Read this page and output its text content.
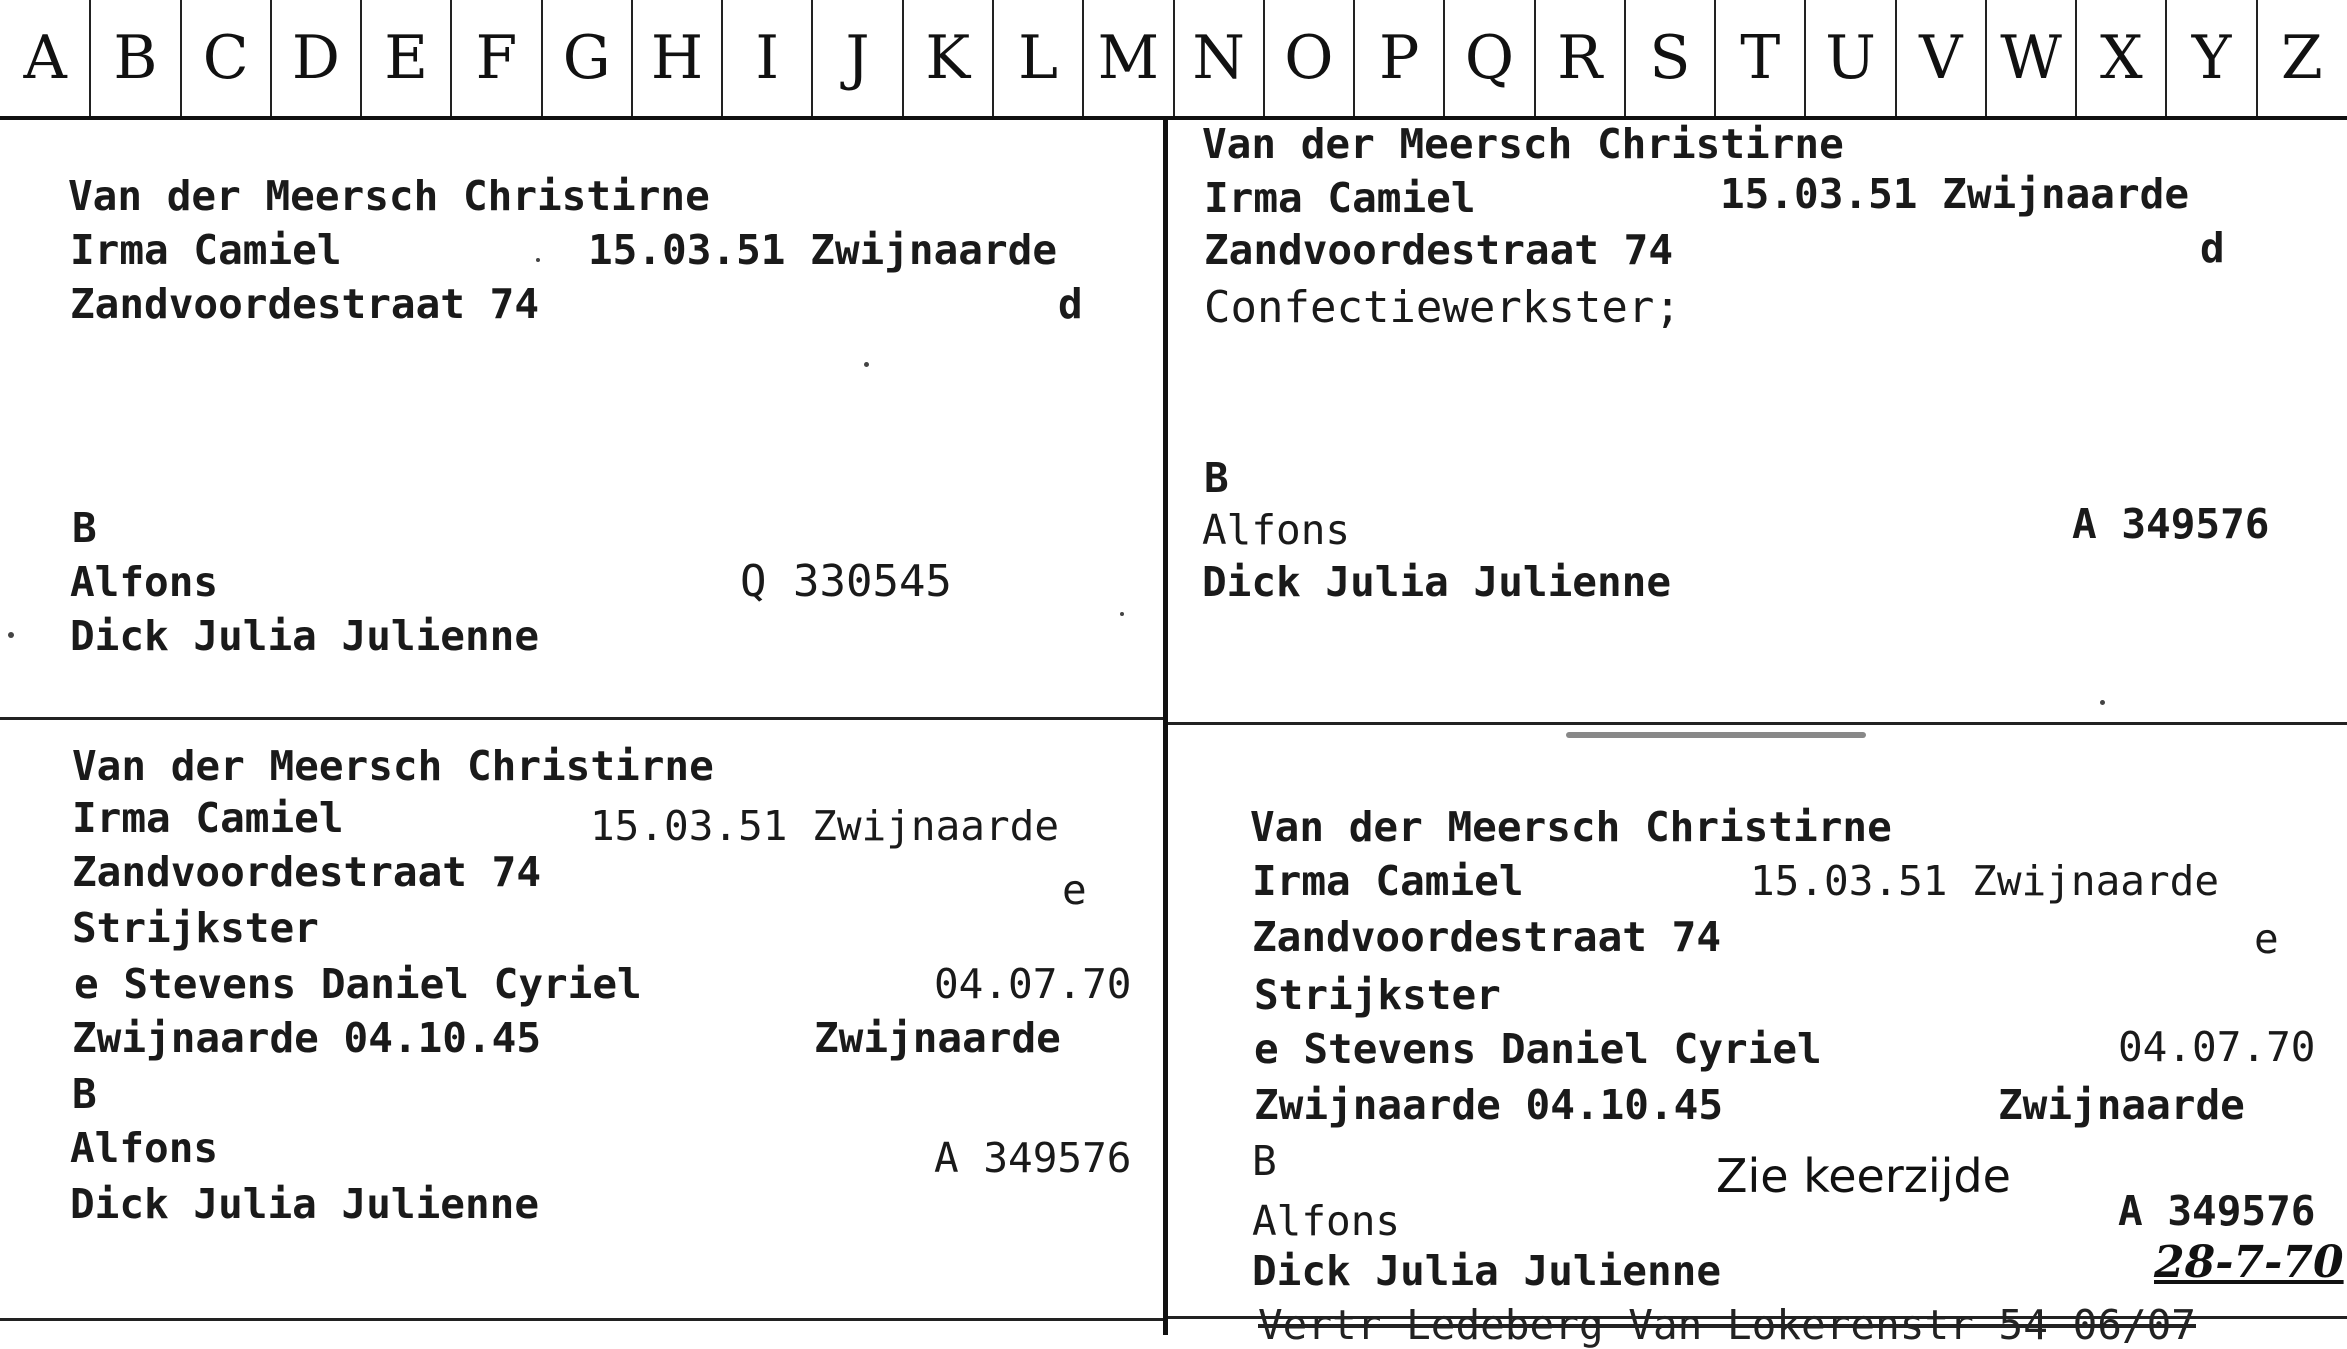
A B C D E F G H I	J K L M N O P Q R S T U V W X Y Z
Van der Meersch Christirne
Irma Camiel	15.03.51 Zwijnaarde
Zandvoordestraat 74	d
B
Alfons	Q 330545
Dick Julia Julienne
Van der Meersch Christirne
Irma Camiel	15.03.51 Zwijnaarde
Zandvoordestraat 74	d
Confectiewerkster;
B
Alfons	A 349576
Dick Julia Julienne
Van der Meersch Christirne
Irma Camiel	15.03.51 Zwijnaarde
Zandvoordestraat 74	e
Strijkster
e Stevens Daniel Cyriel	04.07.70
Zwijnaarde 04.10.45	Zwijnaarde
B
Alfons	A 349576
Dick Julia Julienne
Van der Meersch Christirne
Irma Camiel	15.03.51 Zwijnaarde
Zandvoordestraat 74	e
Strijkster
e Stevens Daniel Cyriel	04.07.70
Zwijnaarde 04.10.45	Zwijnaarde
B	Zie keerzijde
Alfons	A 349576
Dick Julia Julienne	28-7-70
Vertr Ledeberg Van Lokerenstr 54 06/07
